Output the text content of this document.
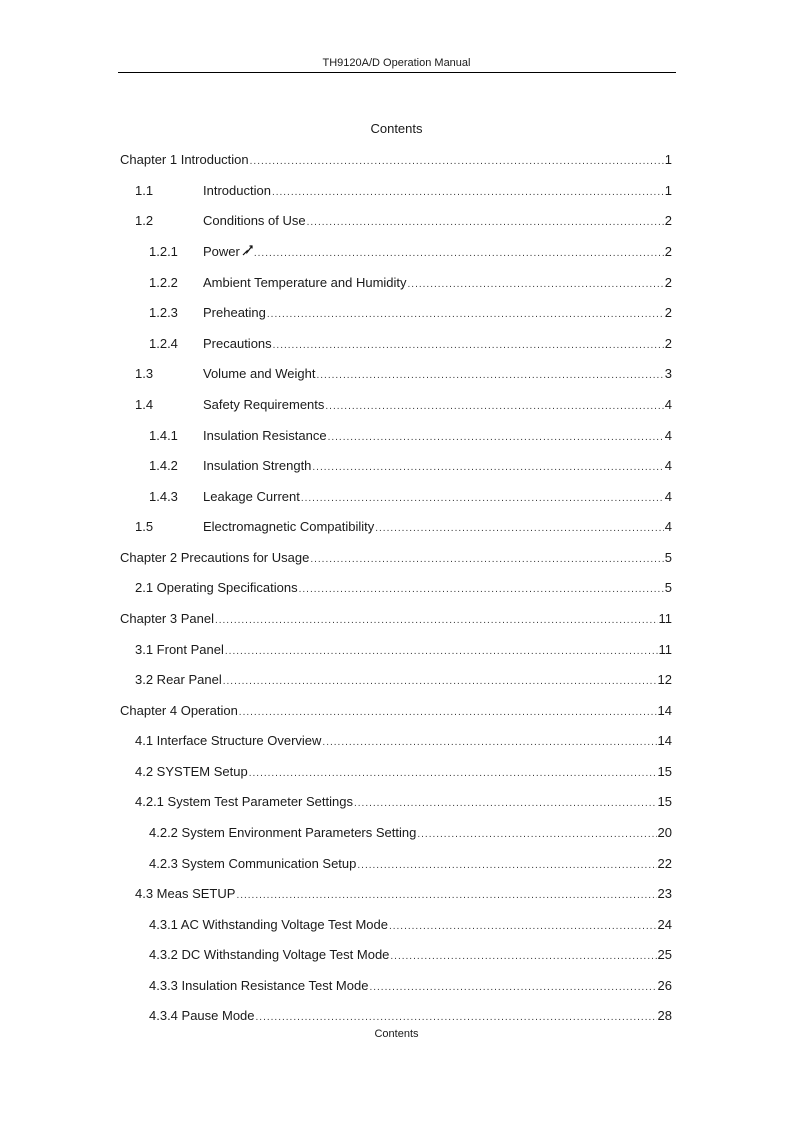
TH9120A/D Operation Manual
Contents
Chapter 1 Introduction .....	1
1.1	Introduction .....	1
1.2	Conditions of Use .....	2
1.2.1	Power .....	2
1.2.2	Ambient Temperature and Humidity .....	2
1.2.3	Preheating .....	2
1.2.4	Precautions .....	2
1.3	Volume and Weight .....	3
1.4	Safety Requirements .....	4
1.4.1	Insulation Resistance .....	4
1.4.2	Insulation Strength .....	4
1.4.3	Leakage Current .....	4
1.5	Electromagnetic Compatibility .....	4
Chapter 2 Precautions for Usage .....	5
2.1 Operating Specifications .....	5
Chapter 3 Panel .....	11
3.1 Front Panel .....	11
3.2 Rear Panel .....	12
Chapter 4 Operation .....	14
4.1 Interface Structure Overview .....	14
4.2 SYSTEM Setup .....	15
4.2.1 System Test Parameter Settings .....	15
4.2.2 System Environment Parameters Setting .....	20
4.2.3 System Communication Setup .....	22
4.3 Meas SETUP .....	23
4.3.1 AC Withstanding Voltage Test Mode .....	24
4.3.2 DC Withstanding Voltage Test Mode .....	25
4.3.3 Insulation Resistance Test Mode .....	26
4.3.4 Pause Mode .....	28
Contents
